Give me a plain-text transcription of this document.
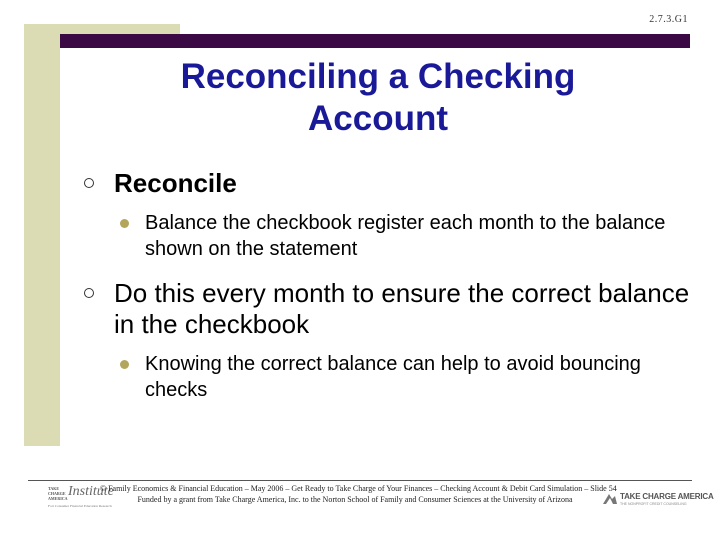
2.7.3.G1
Reconciling a Checking
Account
Reconcile
Balance the checkbook register each month to the balance shown on the statement
Do this every month to ensure the correct balance in the checkbook
Knowing the correct balance can help to avoid bouncing checks
TAKE CHARGE AMERICA Institute
Fort Consumer Financial Education Research
© Family Economics & Financial Education – May 2006 – Get Ready to Take Charge of Your Finances – Checking Account & Debit Card Simulation – Slide 54
Funded by a grant from Take Charge America, Inc. to the Norton School of Family and Consumer Sciences at the University of Arizona	TAKE CHARGE AMERICA
THE NONPROFIT CREDIT COUNSELING
